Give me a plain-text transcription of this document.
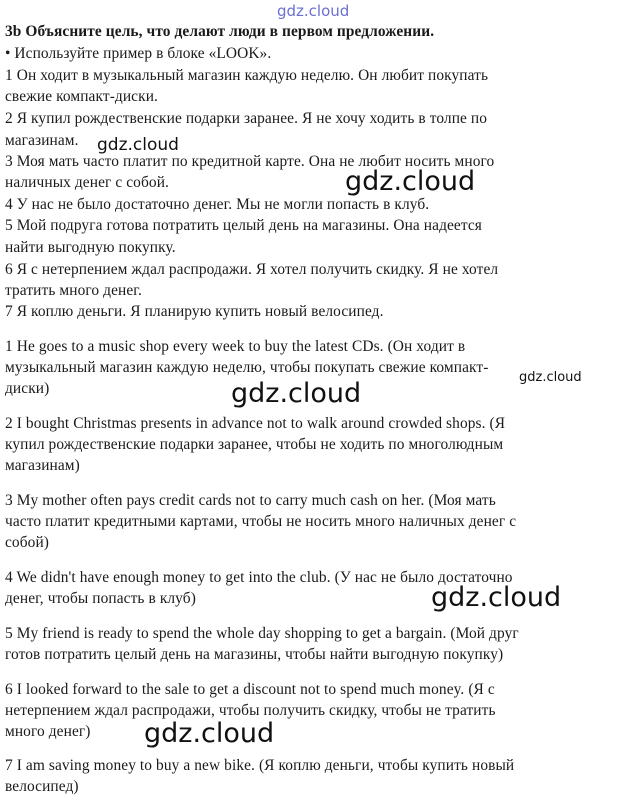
gdz.cloud
3b Объясните цель, что делают люди в первом предложении.
• Используйте пример в блоке «LOOK».
1 Он ходит в музыкальный магазин каждую неделю. Он любит покупать
свежие компакт-диски.
2 Я купил рождественские подарки заранее. Я не хочу ходить в толпе по
магазинам.
3 Моя мать часто платит по кредитной карте. Она не любит носить много
наличных денег с собой.
4 У нас не было достаточно денег. Мы не могли попасть в клуб.
5 Мой подруга готова потратить целый день на магазины. Она надеется
найти выгодную покупку.
6 Я с нетерпением ждал распродажи. Я хотел получить скидку. Я не хотел
тратить много денег.
7 Я коплю деньги. Я планирую купить новый велосипед.
1 He goes to a music shop every week to buy the latest CDs. (Он ходит в
музыкальный магазин каждую неделю, чтобы покупать свежие компакт-
диски)
2 I bought Christmas presents in advance not to walk around crowded shops. (Я
купил рождественские подарки заранее, чтобы не ходить по многолюдным
магазинам)
3 My mother often pays credit cards not to carry much cash on her. (Моя мать
часто платит кредитными картами, чтобы не носить много наличных денег с
собой)
4 We didn't have enough money to get into the club. (У нас не было достаточно
денег, чтобы попасть в клуб)
5 My friend is ready to spend the whole day shopping to get a bargain. (Мой друг
готов потратить целый день на магазины, чтобы найти выгодную покупку)
6 I looked forward to the sale to get a discount not to spend much money. (Я с
нетерпением ждал распродажи, чтобы получить скидку, чтобы не тратить
много денег)
7 I am saving money to buy a new bike. (Я коплю деньги, чтобы купить новый
велосипед)
gdz.cloud
gdz.cloud
gdz.cloud
gdz.cloud
gdz.cloud
gdz.cloud
